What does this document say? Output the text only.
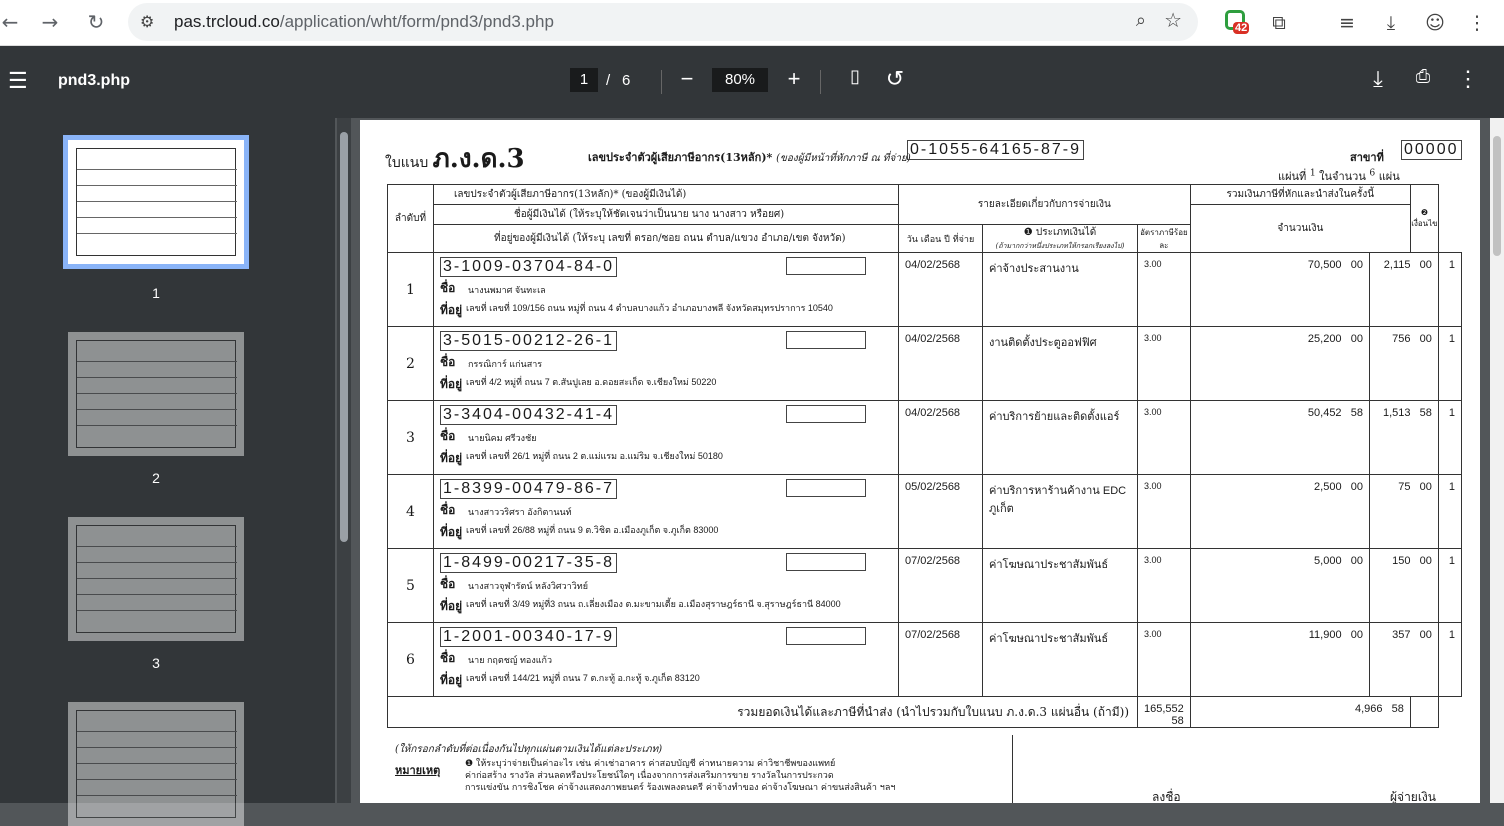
← → ↻	⚙ pas.trcloud.co/application/wht/form/pnd3/pnd3.php	⌕ ☆	42	⧉	≡	⤓	☺ ⋮
☰ pnd3.php	1	/ 6	−	80%	+	▯	↺	⤓	⎙	⋮
1
2
3
ใบแนบ ภ.ง.ด.3	เลขประจำตัวผู้เสียภาษีอากร(13หลัก)* (ของผู้มีหน้าที่หักภาษี ณ ที่จ่าย)
0-1055-64165-87-9	สาขาที่ 00000
แผ่นที่ $^1$ ในจำนวน $^6$ แผ่น
ลำดับที่	เลขประจำตัวผู้เสียภาษีอากร(13หลัก)* (ของผู้มีเงินได้)	รายละเอียดเกี่ยวกับการจ่ายเงิน			รวมเงินภาษีที่หักและนำส่งในครั้งนี้		❷ เงื่อนไข	
	ชื่อผู้มีเงินได้ (ให้ระบุให้ชัดเจนว่าเป็นนาย นาง นางสาว หรือยศ)				จำนวนเงิน			
	ที่อยู่ของผู้มีเงินได้ (ให้ระบุ เลขที่ ตรอก/ซอย ถนน ตำบล/แขวง อำเภอ/เขต จังหวัด)	วัน เดือน ปี ที่จ่าย	❶ ประเภทเงินได้
(ถ้ามากกว่าหนึ่งประเภทให้กรอกเรียงลงไป)	อัตราภาษีร้อยละ				
1	3-1009-03704-84-0
ชื่อ นางนพมาศ จันทะเล
ที่อยู่ เลขที่ เลขที่ 109/156 ถนน หมู่ที่ ถนน 4 ตำบลบางแก้ว อำเภอบางพลี จังหวัดสมุทรปราการ 10540	04/02/2568	ค่าจ้างประสานงาน	3.00	70,500 00	2,115 00		1
2	3-5015-00212-26-1
ชื่อ กรรณิการ์ แก่นสาร
ที่อยู่ เลขที่ 4/2 หมู่ที่ ถนน 7 ต.สันปูเลย อ.ดอยสะเก็ด จ.เชียงใหม่ 50220	04/02/2568	งานติดตั้งประตูออฟฟิศ	3.00	25,200 00	756 00		1
3	3-3404-00432-41-4
ชื่อ นายนิคม ศรีวงชัย
ที่อยู่ เลขที่ เลขที่ 26/1 หมู่ที่ ถนน 2 ต.แม่แรม อ.แม่ริม จ.เชียงใหม่ 50180	04/02/2568	ค่าบริการย้ายและติดตั้งแอร์	3.00	50,452 58	1,513 58		1
4	1-8399-00479-86-7
ชื่อ นางสาววริศรา อังกิตานนท์
ที่อยู่ เลขที่ เลขที่ 26/88 หมู่ที่ ถนน 9 ต.วิชิต อ.เมืองภูเก็ต จ.ภูเก็ต 83000	05/02/2568	ค่าบริการหาร้านค้างาน EDC ภูเก็ต	3.00	2,500 00	75 00		1
5	1-8499-00217-35-8
ชื่อ นางสาวจุฬารัตน์ หลังวิศวาวิทย์
ที่อยู่ เลขที่ เลขที่ 3/49 หมู่ที่3 ถนน ถ.เลี่ยงเมือง ต.มะขามเตี้ย อ.เมืองสุราษฎร์ธานี จ.สุราษฎร์ธานี 84000	07/02/2568	ค่าโฆษณาประชาสัมพันธ์	3.00	5,000 00	150 00		1
6	1-2001-00340-17-9
ชื่อ นาย กฤตชญ์ ทองแก้ว
ที่อยู่ เลขที่ เลขที่ 144/21 หมู่ที่ ถนน 7 ต.กะทู้ อ.กะทู้ จ.ภูเก็ต 83120	07/02/2568	ค่าโฆษณาประชาสัมพันธ์	3.00	11,900 00	357 00		1
รวมยอดเงินได้และภาษีที่นำส่ง (นำไปรวมกับใบแนบ ภ.ง.ด.3 แผ่นอื่น (ถ้ามี))				165,552   58	4,966 58			
(ให้กรอกลำดับที่ต่อเนื่องกันไปทุกแผ่นตามเงินได้แต่ละประเภท)
หมายเหตุ	❶ ให้ระบุว่าจ่ายเป็นค่าอะไร เช่น ค่าเช่าอาคาร ค่าสอบบัญชี ค่าทนายความ ค่าวิชาชีพของแพทย์
ค่าก่อสร้าง รางวัล ส่วนลดหรือประโยชน์ใดๆ เนื่องจากการส่งเสริมการขาย รางวัลในการประกวด
การแข่งขัน การชิงโชค ค่าจ้างแสดงภาพยนตร์ ร้องเพลงดนตรี ค่าจ้างทำของ ค่าจ้างโฆษณา ค่าขนส่งสินค้า ฯลฯ
ลงชื่อ	ผู้จ่ายเงิน
